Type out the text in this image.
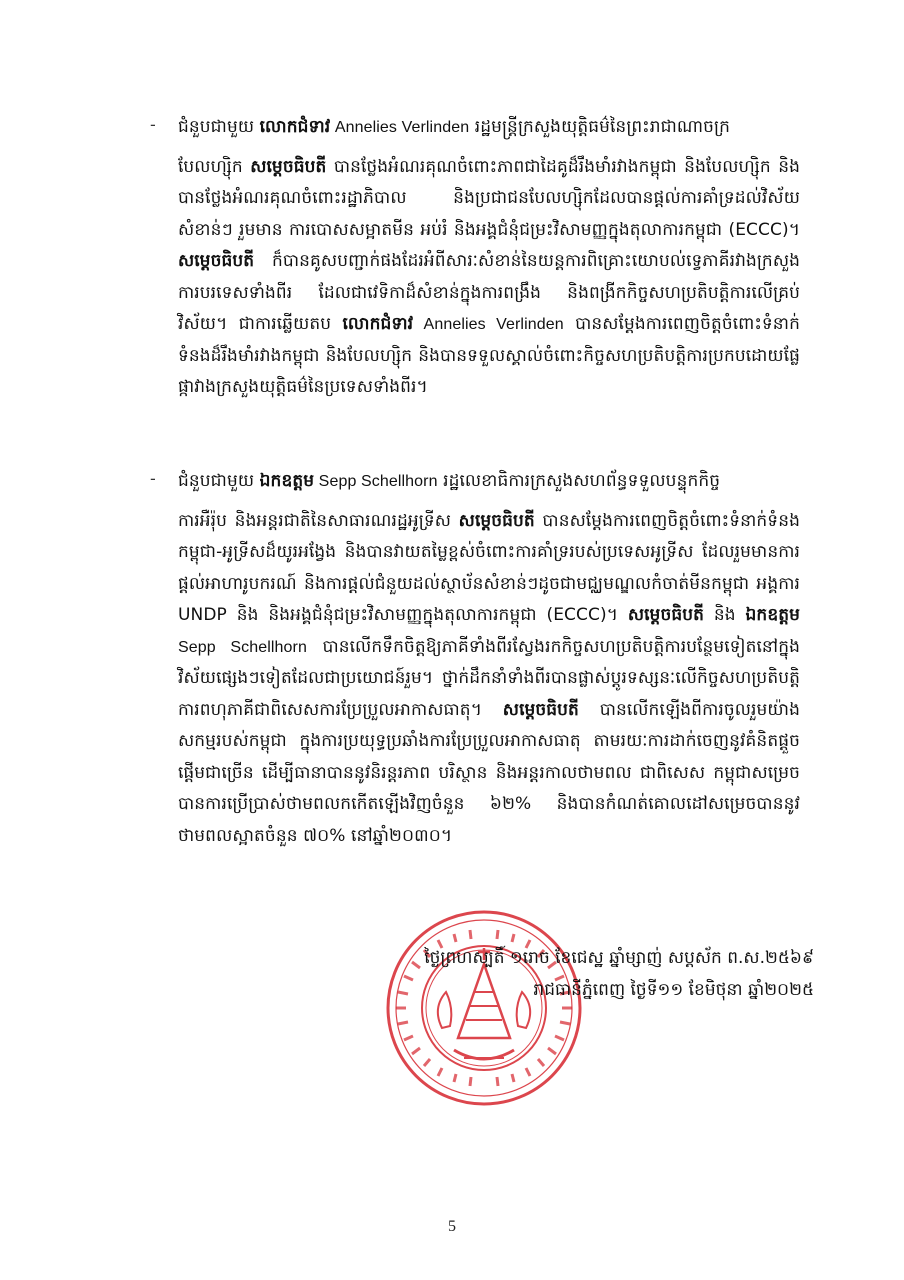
- ជំនួបជាមួយ លោកជំទាវ Annelies Verlinden រដ្ឋមន្ត្រីក្រសួងយុត្តិធម៌នៃព្រះរាជាណាចក្រ
បែលហ្ស៊ិក សម្តេចធិបតី បានថ្លែងអំណរគុណចំពោះភាពជាដៃគូដ៏រឹងមាំរវាងកម្ពុជា និងបែលហ្ស៊ិក និងបានថ្លែងអំណរគុណចំពោះរដ្ឋាភិបាល និងប្រជាជនបែលហ្ស៊ិកដែលបានផ្តល់ការគាំទ្រដល់វិស័យសំខាន់ៗ រួមមាន ការបោសសម្អាតមីន អប់រំ និងអង្គជំនុំជម្រះវិសាមញ្ញក្នុងតុលាការកម្ពុជា (ECCC)។ សម្តេចធិបតី ក៏បានគូសបញ្ជាក់ផងដែរអំពីសារៈសំខាន់នៃយន្តការពិគ្រោះយោបល់ទ្វេភាគីរវាងក្រសួងការបរទេសទាំងពីរ ដែលជាវេទិកាដ៏សំខាន់ក្នុងការពង្រឹង និងពង្រីកកិច្ចសហប្រតិបត្តិការលើគ្រប់វិស័យ។ ជាការឆ្លើយតប លោកជំទាវ Annelies Verlinden បានសម្តែងការពេញចិត្តចំពោះទំនាក់ទំនងដ៏រឹងមាំរវាងកម្ពុជា និងបែលហ្ស៊ិក និងបានទទួលស្គាល់ចំពោះកិច្ចសហប្រតិបត្តិការប្រកបដោយផ្លែផ្កាវាងក្រសួងយុត្តិធម៌នៃប្រទេសទាំងពីរ។

- ជំនួបជាមួយ ឯកឧត្តម Sepp Schellhorn រដ្ឋលេខាធិការក្រសួងសហព័ន្ធទទួលបន្ទុកកិច្ច
ការអឺរ៉ុប និងអន្តរជាតិនៃសាធារណរដ្ឋអូទ្រីស សម្តេចធិបតី បានសម្តែងការពេញចិត្តចំពោះទំនាក់ទំនងកម្ពុជា-អូទ្រីសដ៏យូរអង្វែង និងបានវាយតម្លៃខ្ពស់ចំពោះការគាំទ្ររបស់ប្រទេសអូទ្រីស ដែលរួមមានការផ្តល់អាហារូបករណ៍ និងការផ្តល់ជំនួយដល់ស្ថាប័នសំខាន់ៗដូចជាមជ្ឈមណ្ឌលកំចាត់មីនកម្ពុជា អង្គការ UNDP និង និងអង្គជំនុំជម្រះវិសាមញ្ញក្នុងតុលាការកម្ពុជា (ECCC)។ សម្តេចធិបតី និង ឯកឧត្តម Sepp Schellhorn បានលើកទឹកចិត្តឱ្យភាគីទាំងពីរស្វែងរកកិច្ចសហប្រតិបត្តិការបន្ថែមទៀតនៅក្នុងវិស័យផ្សេងៗទៀតដែលជាប្រយោជន៍រួម។ ថ្នាក់ដឹកនាំទាំងពីរបានផ្លាស់ប្តូរទស្សនៈលើកិច្ចសហប្រតិបត្តិការពហុភាគីជាពិសេសការប្រែប្រួលអាកាសធាតុ។ សម្តេចធិបតី បានលើកឡើងពីការចូលរួមយ៉ាងសកម្មរបស់កម្ពុជា ក្នុងការប្រយុទ្ធប្រឆាំងការប្រែប្រួលអាកាសធាតុ តាមរយៈការដាក់ចេញនូវគំនិតផ្តួចផ្តើមជាច្រើន ដើម្បីធានាបាននូវនិរន្តរភាព បរិស្ថាន និងអន្តរកាលថាមពល ជាពិសេស កម្ពុជាសម្រេចបានការប្រើប្រាស់ថាមពលកកើតឡើងវិញចំនួន ៦២% និងបានកំណត់គោលដៅសម្រេចបាននូវថាមពលស្អាតចំនួន ៧០% នៅឆ្នាំ២០៣០។

ថ្ងៃព្រហស្បតិ៍ ១រោច ខែជេស្ឋ ឆ្នាំម្សាញ់ សប្តស័ក ព.ស.២៥៦៩
រាជធានីភ្នំពេញ ថ្ងៃទី១១ ខែមិថុនា ឆ្នាំ២០២៥
5
